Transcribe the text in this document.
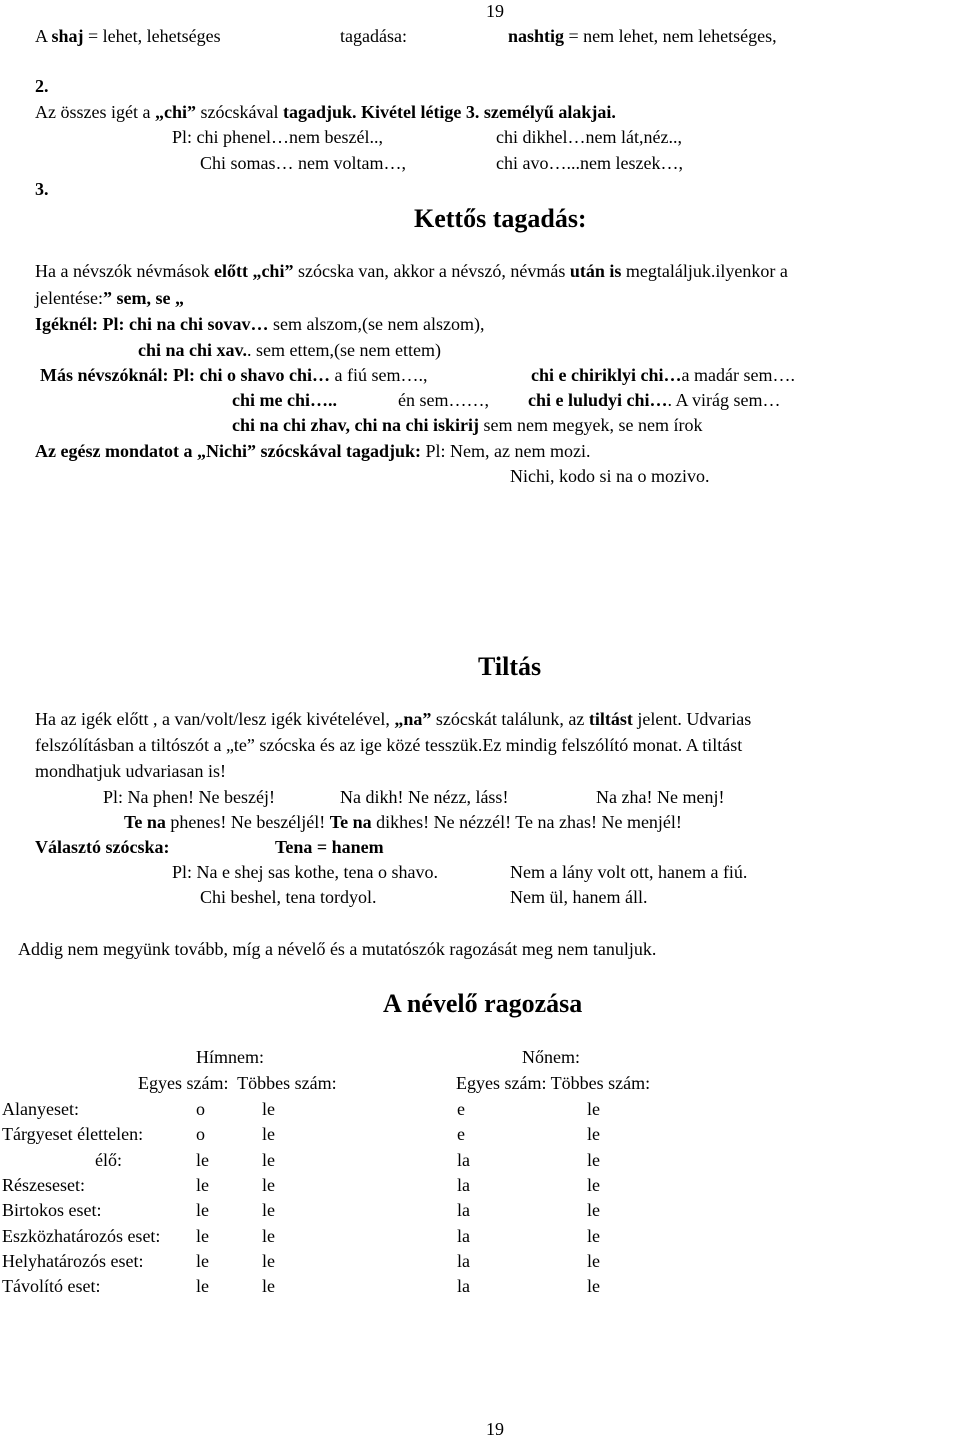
19
A shaj = lehet, lehetséges	tagadása:	nashtig = nem lehet, nem lehetséges,
2.
Az összes igét a „chi” szócskával tagadjuk. Kivétel létige 3. személyű alakjai.
Pl: chi phenel…nem beszél..,	chi dikhel…nem lát,néz..,
Chi somas… nem voltam…,	chi avo…...nem leszek…,
3.
Kettős tagadás:
Ha a névszók névmások előtt „chi” szócska van, akkor a névszó, névmás után is megtaláljuk.ilyenkor a
jelentése:” sem, se „
Igéknél: Pl: chi na chi sovav… sem alszom,(se nem alszom),
chi na chi xav.. sem ettem,(se nem ettem)
Más névszóknál: Pl: chi o shavo chi… a fiú sem….,	chi e chiriklyi chi…a madár sem….
chi me chi…..	én sem……, chi e luludyi chi…. A virág sem…
chi na chi zhav, chi na chi iskirij sem nem megyek, se nem írok
Az egész mondatot a „Nichi” szócskával tagadjuk: Pl: Nem, az nem mozi.
Nichi, kodo si na o mozivo.
Tiltás
Ha az igék előtt , a van/volt/lesz igék kivételével, „na” szócskát találunk, az tiltást jelent. Udvarias
felszólításban a tiltószót a „te” szócska és az ige közé tesszük.Ez mindig felszólító monat. A tiltást
mondhatjuk udvariasan is!
Pl: Na phen! Ne beszéj!	Na dikh! Ne nézz, láss!	Na zha! Ne menj!
Te na phenes! Ne beszéljél! Te na dikhes! Ne nézzél! Te na zhas! Ne menjél!
Választó szócska:	Tena = hanem
Pl: Na e shej sas kothe, tena o shavo.	Nem a lány volt ott, hanem a fiú.
Chi beshel, tena tordyol.	Nem ül, hanem áll.
Addig nem megyünk tovább, míg a névelő és a mutatószók ragozását meg nem tanuljuk.
A névelő ragozása
Hímnem:	Nőnem:
Egyes szám:  Többes szám:	Egyes szám: Többes szám:
Alanyeset:	o	le	e	le
Tárgyeset élettelen:	o	le	e	le
élő:	le	le	la	le
Részeseset:	le	le	la	le
Birtokos eset:	le	le	la	le
Eszközhatározós eset: le	le	la	le
Helyhatározós eset:	le	le	la	le
Távolító eset:	le	le	la	le
19
